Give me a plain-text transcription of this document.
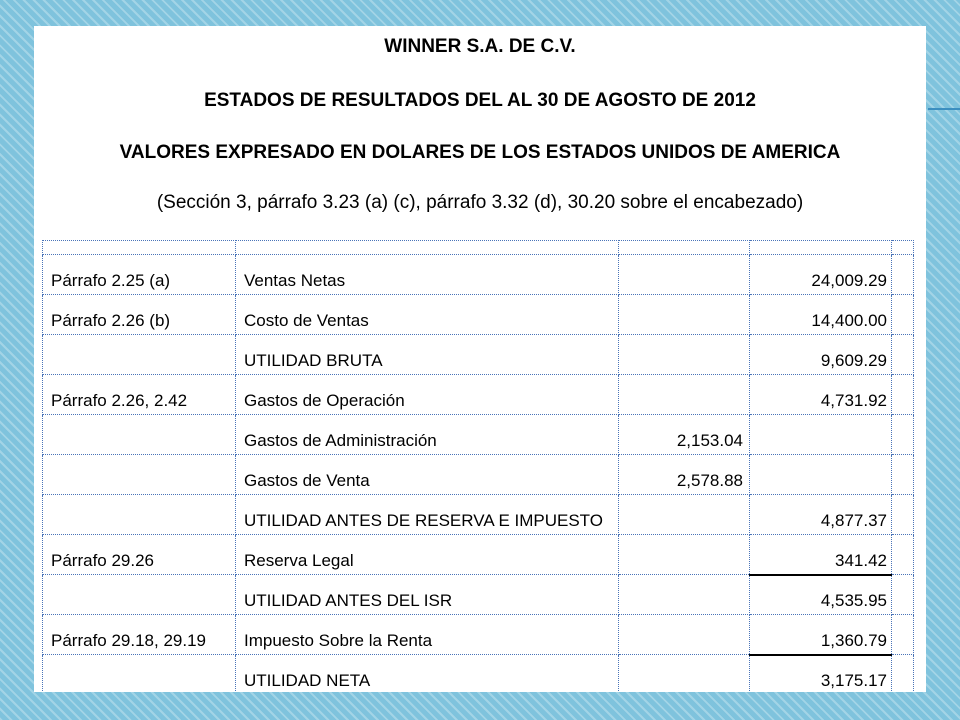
WINNER S.A. DE C.V.
ESTADOS DE RESULTADOS DEL AL 30 DE AGOSTO DE 2012
VALORES EXPRESADO EN DOLARES DE LOS ESTADOS UNIDOS DE AMERICA
(Sección 3, párrafo 3.23 (a) (c), párrafo 3.32 (d), 30.20 sobre el encabezado)

Párrafo 2.25 (a)	Ventas Netas		24,009.29	
Párrafo 2.26 (b)	Costo de Ventas		14,400.00	
	UTILIDAD BRUTA		9,609.29	
Párrafo 2.26, 2.42	Gastos de Operación		4,731.92	
	Gastos de Administración	2,153.04		
	Gastos de Venta	2,578.88		
	UTILIDAD ANTES DE RESERVA E IMPUESTO		4,877.37	
Párrafo 29.26	Reserva Legal		341.42	
	UTILIDAD ANTES DEL ISR		4,535.95	
Párrafo 29.18, 29.19	Impuesto Sobre la Renta		1,360.79	
	UTILIDAD NETA		3,175.17	
